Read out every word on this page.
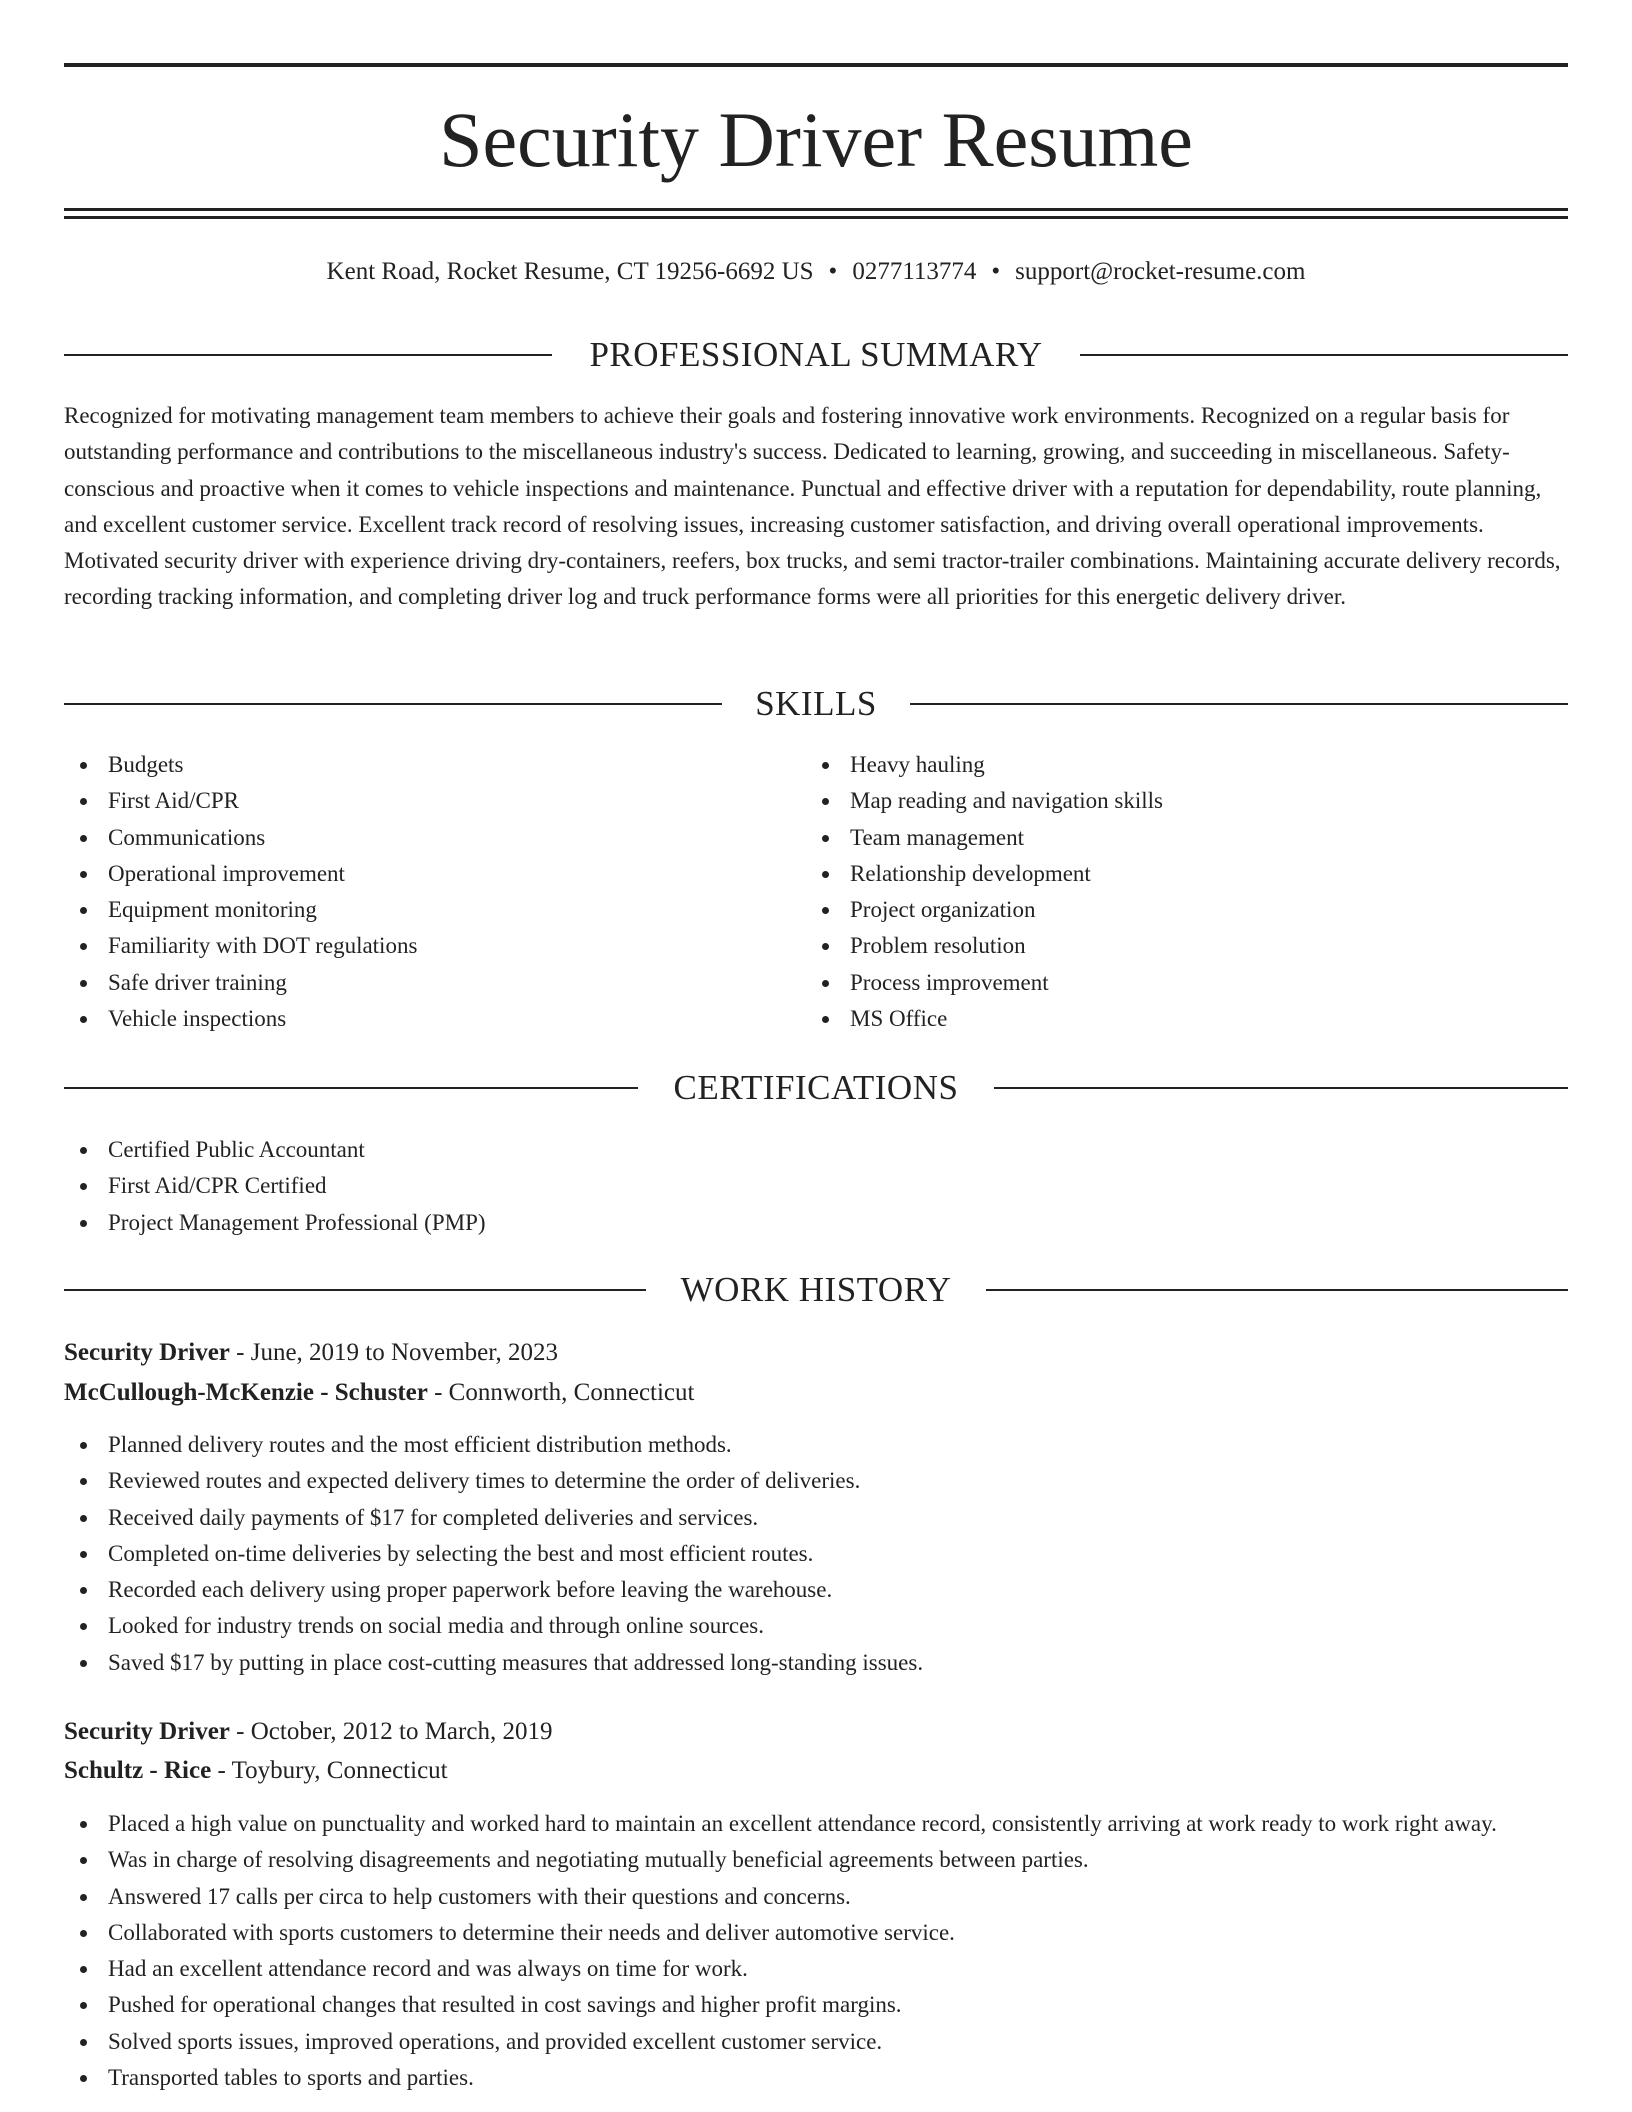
Security Driver Resume
Kent Road, Rocket Resume, CT 19256-6692 US • 0277113774 • support@rocket-resume.com
PROFESSIONAL SUMMARY

Recognized for motivating management team members to achieve their goals and fostering innovative work environments. Recognized on a regular basis for outstanding performance and contributions to the miscellaneous industry's success. Dedicated to learning, growing, and succeeding in miscellaneous. Safety-conscious and proactive when it comes to vehicle inspections and maintenance. Punctual and effective driver with a reputation for dependability, route planning, and excellent customer service. Excellent track record of resolving issues, increasing customer satisfaction, and driving overall operational improvements. Motivated security driver with experience driving dry-containers, reefers, box trucks, and semi tractor-trailer combinations. Maintaining accurate delivery records, recording tracking information, and completing driver log and truck performance forms were all priorities for this energetic delivery driver.

SKILLS
Budgets
First Aid/CPR
Communications
Operational improvement
Equipment monitoring
Familiarity with DOT regulations
Safe driver training
Vehicle inspections
Heavy hauling
Map reading and navigation skills
Team management
Relationship development
Project organization
Problem resolution
Process improvement
MS Office
CERTIFICATIONS
Certified Public Accountant
First Aid/CPR Certified
Project Management Professional (PMP)
WORK HISTORY
Security Driver - June, 2019 to November, 2023
McCullough-McKenzie - Schuster - Connworth, Connecticut
Planned delivery routes and the most efficient distribution methods.
Reviewed routes and expected delivery times to determine the order of deliveries.
Received daily payments of $17 for completed deliveries and services.
Completed on-time deliveries by selecting the best and most efficient routes.
Recorded each delivery using proper paperwork before leaving the warehouse.
Looked for industry trends on social media and through online sources.
Saved $17 by putting in place cost-cutting measures that addressed long-standing issues.
Security Driver - October, 2012 to March, 2019
Schultz - Rice - Toybury, Connecticut
Placed a high value on punctuality and worked hard to maintain an excellent attendance record, consistently arriving at work ready to work right away.
Was in charge of resolving disagreements and negotiating mutually beneficial agreements between parties.
Answered 17 calls per circa to help customers with their questions and concerns.
Collaborated with sports customers to determine their needs and deliver automotive service.
Had an excellent attendance record and was always on time for work.
Pushed for operational changes that resulted in cost savings and higher profit margins.
Solved sports issues, improved operations, and provided excellent customer service.
Transported tables to sports and parties.
